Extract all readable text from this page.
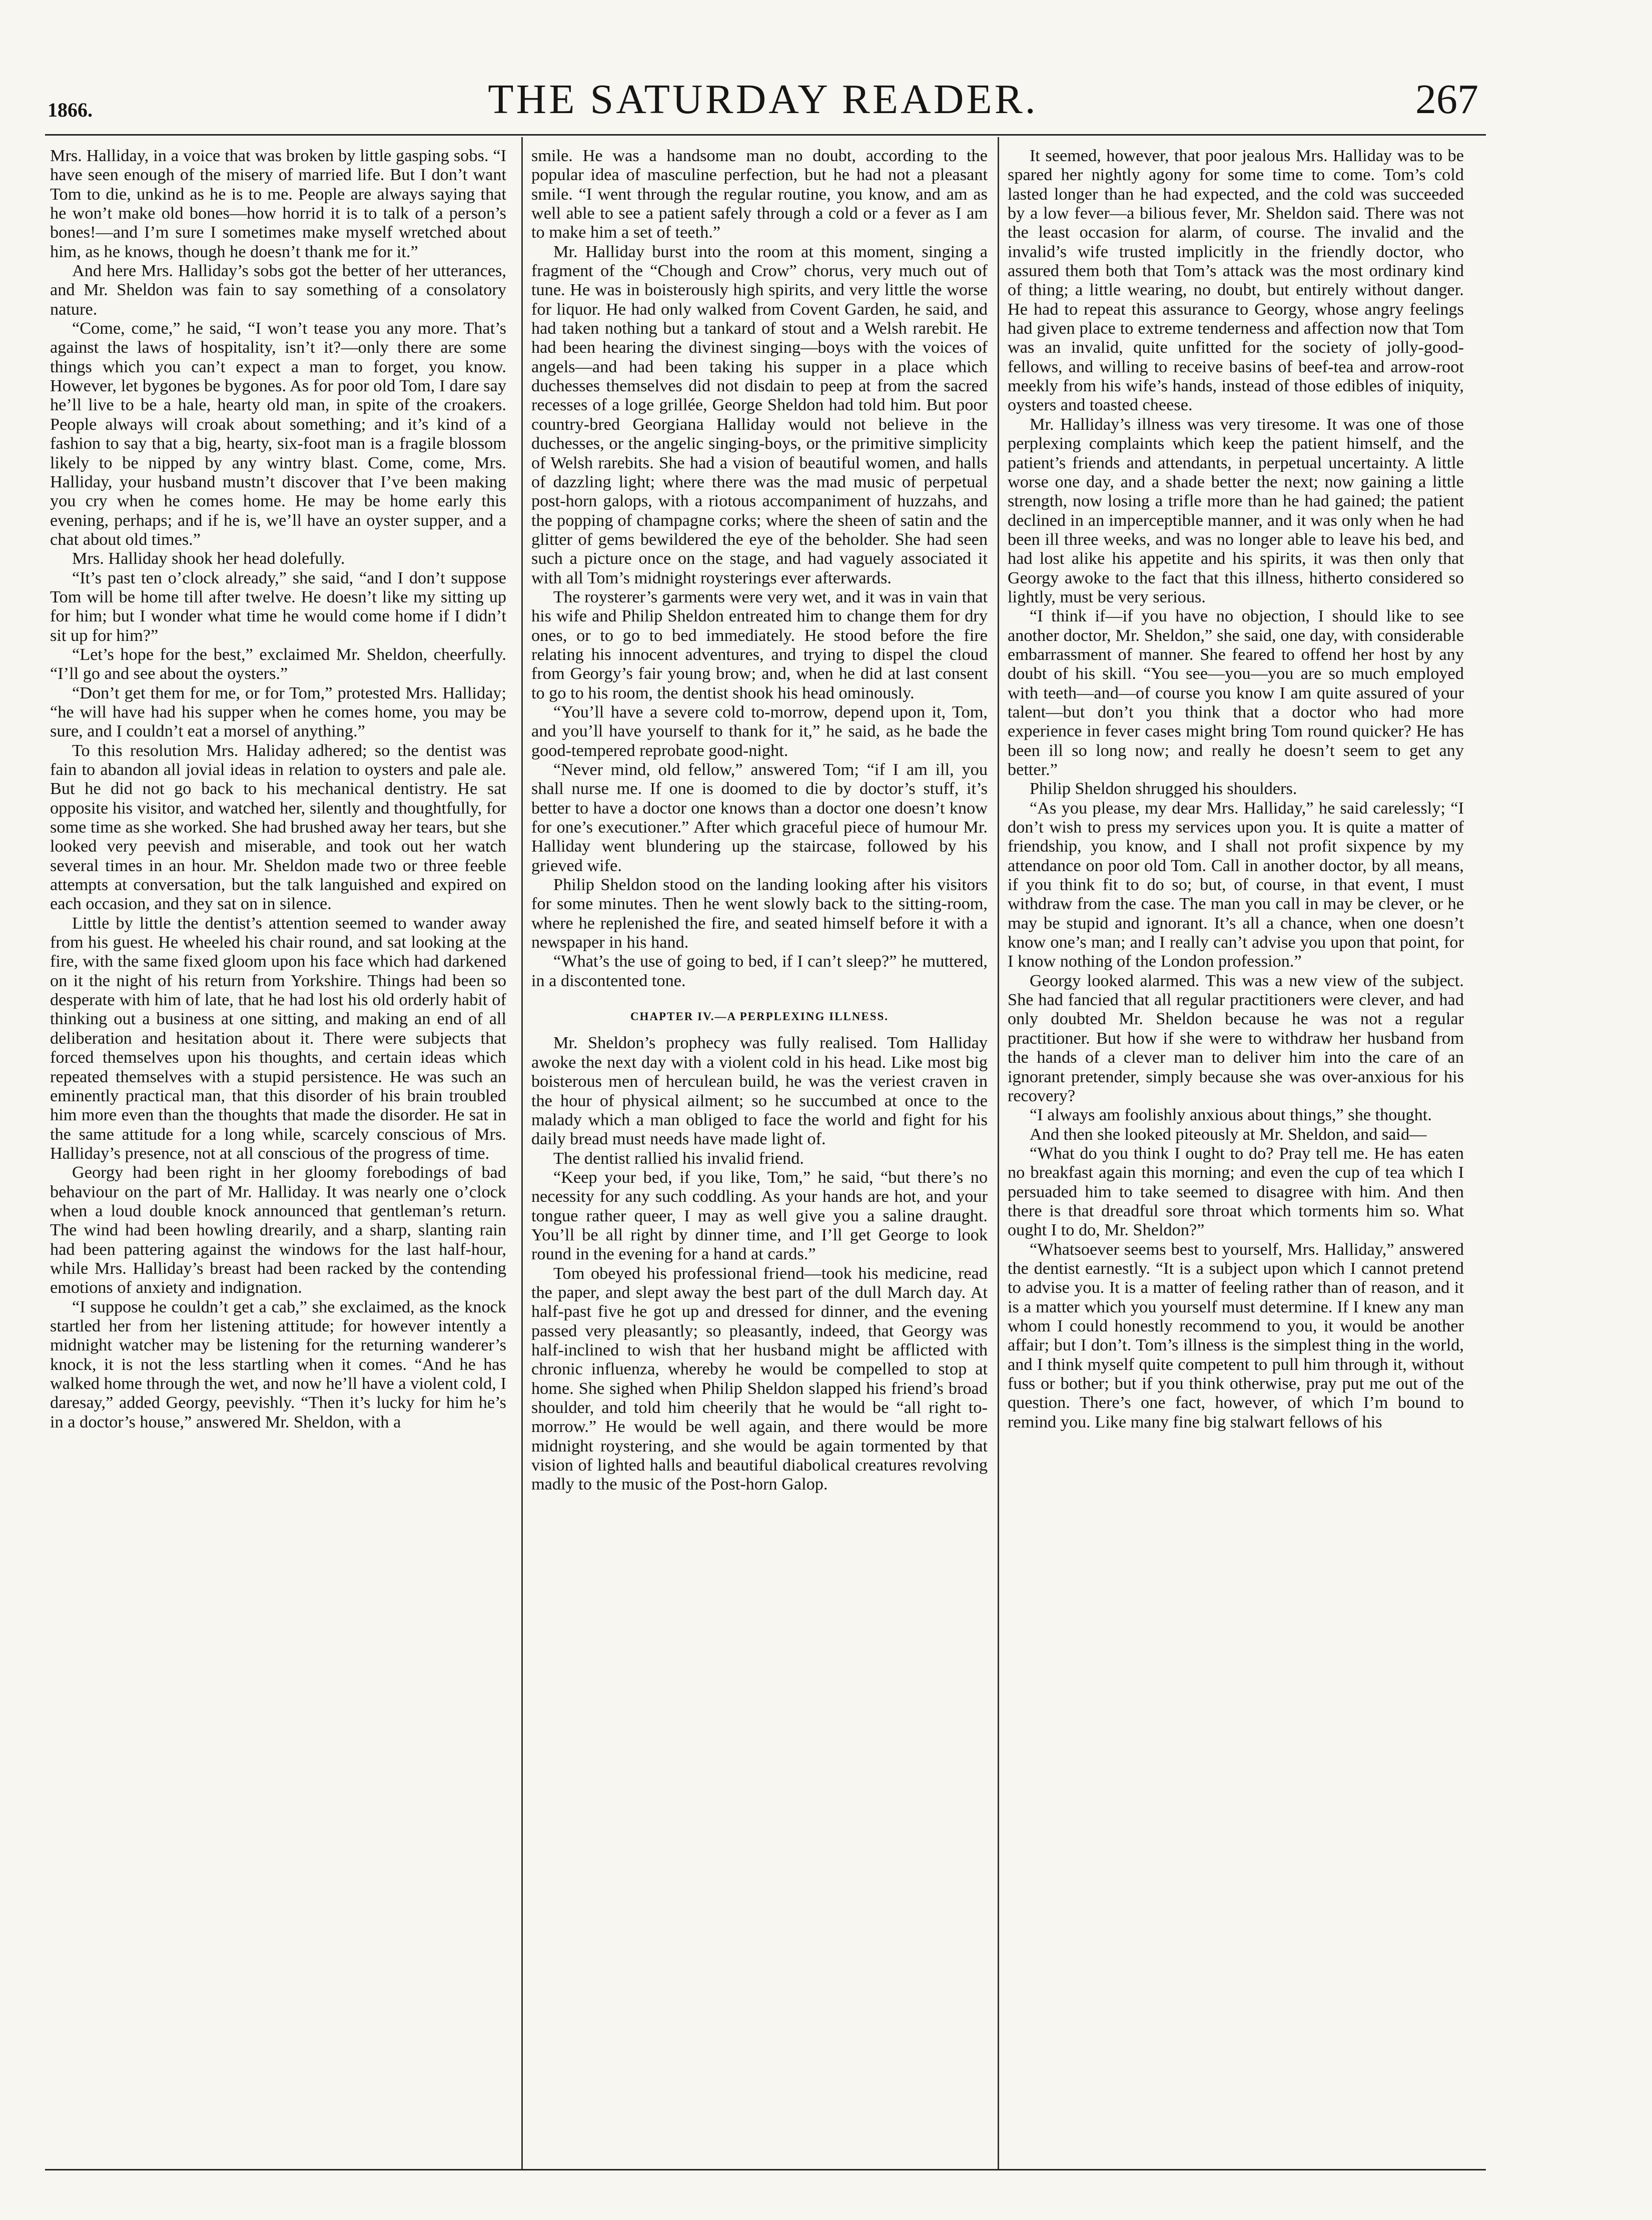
1866.	THE SATURDAY READER.	267

Mrs. Halliday, in a voice that was broken by little gasping sobs. “I have seen enough of the misery of married life. But I don’t want Tom to die, unkind as he is to me. People are always saying that he won’t make old bones—how horrid it is to talk of a person’s bones!—and I’m sure I sometimes make myself wretched about him, as he knows, though he doesn’t thank me for it.”

And here Mrs. Halliday’s sobs got the better of her utterances, and Mr. Sheldon was fain to say something of a consolatory nature.

“Come, come,” he said, “I won’t tease you any more. That’s against the laws of hospitality, isn’t it?—only there are some things which you can’t expect a man to forget, you know. However, let bygones be bygones. As for poor old Tom, I dare say he’ll live to be a hale, hearty old man, in spite of the croakers. People always will croak about something; and it’s kind of a fashion to say that a big, hearty, six-foot man is a fragile blossom likely to be nipped by any wintry blast. Come, come, Mrs. Halliday, your husband mustn’t discover that I’ve been making you cry when he comes home. He may be home early this evening, perhaps; and if he is, we’ll have an oyster supper, and a chat about old times.”

Mrs. Halliday shook her head dolefully.

“It’s past ten o’clock already,” she said, “and I don’t suppose Tom will be home till after twelve. He doesn’t like my sitting up for him; but I wonder what time he would come home if I didn’t sit up for him?”

“Let’s hope for the best,” exclaimed Mr. Sheldon, cheerfully. “I’ll go and see about the oysters.”

“Don’t get them for me, or for Tom,” protested Mrs. Halliday; “he will have had his supper when he comes home, you may be sure, and I couldn’t eat a morsel of anything.”

To this resolution Mrs. Haliday adhered; so the dentist was fain to abandon all jovial ideas in relation to oysters and pale ale. But he did not go back to his mechanical dentistry. He sat opposite his visitor, and watched her, silently and thoughtfully, for some time as she worked. She had brushed away her tears, but she looked very peevish and miserable, and took out her watch several times in an hour. Mr. Sheldon made two or three feeble attempts at conversation, but the talk languished and expired on each occasion, and they sat on in silence.

Little by little the dentist’s attention seemed to wander away from his guest. He wheeled his chair round, and sat looking at the fire, with the same fixed gloom upon his face which had darkened on it the night of his return from Yorkshire. Things had been so desperate with him of late, that he had lost his old orderly habit of thinking out a business at one sitting, and making an end of all deliberation and hesitation about it. There were subjects that forced themselves upon his thoughts, and certain ideas which repeated themselves with a stupid persistence. He was such an eminently practical man, that this disorder of his brain troubled him more even than the thoughts that made the disorder. He sat in the same attitude for a long while, scarcely conscious of Mrs. Halliday’s presence, not at all conscious of the progress of time.

Georgy had been right in her gloomy forebodings of bad behaviour on the part of Mr. Halliday. It was nearly one o’clock when a loud double knock announced that gentleman’s return. The wind had been howling drearily, and a sharp, slanting rain had been pattering against the windows for the last half-hour, while Mrs. Halliday’s breast had been racked by the contending emotions of anxiety and indignation.

“I suppose he couldn’t get a cab,” she exclaimed, as the knock startled her from her listening attitude; for however intently a midnight watcher may be listening for the returning wanderer’s knock, it is not the less startling when it comes. “And he has walked home through the wet, and now he’ll have a violent cold, I daresay,” added Georgy, peevishly. “Then it’s lucky for him he’s in a doctor’s house,” answered Mr. Sheldon, with a

smile. He was a handsome man no doubt, according to the popular idea of masculine perfection, but he had not a pleasant smile. “I went through the regular routine, you know, and am as well able to see a patient safely through a cold or a fever as I am to make him a set of teeth.”

Mr. Halliday burst into the room at this moment, singing a fragment of the “Chough and Crow” chorus, very much out of tune. He was in boisterously high spirits, and very little the worse for liquor. He had only walked from Covent Garden, he said, and had taken nothing but a tankard of stout and a Welsh rarebit. He had been hearing the divinest singing—boys with the voices of angels—and had been taking his supper in a place which duchesses themselves did not disdain to peep at from the sacred recesses of a loge grillée, George Sheldon had told him. But poor country-bred Georgiana Halliday would not believe in the duchesses, or the angelic singing-boys, or the primitive simplicity of Welsh rarebits. She had a vision of beautiful women, and halls of dazzling light; where there was the mad music of perpetual post-horn galops, with a riotous accompaniment of huzzahs, and the popping of champagne corks; where the sheen of satin and the glitter of gems bewildered the eye of the beholder. She had seen such a picture once on the stage, and had vaguely associated it with all Tom’s midnight roysterings ever afterwards.

The roysterer’s garments were very wet, and it was in vain that his wife and Philip Sheldon entreated him to change them for dry ones, or to go to bed immediately. He stood before the fire relating his innocent adventures, and trying to dispel the cloud from Georgy’s fair young brow; and, when he did at last consent to go to his room, the dentist shook his head ominously.

“You’ll have a severe cold to-morrow, depend upon it, Tom, and you’ll have yourself to thank for it,” he said, as he bade the good-tempered reprobate good-night.

“Never mind, old fellow,” answered Tom; “if I am ill, you shall nurse me. If one is doomed to die by doctor’s stuff, it’s better to have a doctor one knows than a doctor one doesn’t know for one’s executioner.” After which graceful piece of humour Mr. Halliday went blundering up the staircase, followed by his grieved wife.

Philip Sheldon stood on the landing looking after his visitors for some minutes. Then he went slowly back to the sitting-room, where he replenished the fire, and seated himself before it with a newspaper in his hand.

“What’s the use of going to bed, if I can’t sleep?” he muttered, in a discontented tone.

CHAPTER IV.—A PERPLEXING ILLNESS.

Mr. Sheldon’s prophecy was fully realised. Tom Halliday awoke the next day with a violent cold in his head. Like most big boisterous men of herculean build, he was the veriest craven in the hour of physical ailment; so he succumbed at once to the malady which a man obliged to face the world and fight for his daily bread must needs have made light of.

The dentist rallied his invalid friend.

“Keep your bed, if you like, Tom,” he said, “but there’s no necessity for any such coddling. As your hands are hot, and your tongue rather queer, I may as well give you a saline draught. You’ll be all right by dinner time, and I’ll get George to look round in the evening for a hand at cards.”

Tom obeyed his professional friend—took his medicine, read the paper, and slept away the best part of the dull March day. At half-past five he got up and dressed for dinner, and the evening passed very pleasantly; so pleasantly, indeed, that Georgy was half-inclined to wish that her husband might be afflicted with chronic influenza, whereby he would be compelled to stop at home. She sighed when Philip Sheldon slapped his friend’s broad shoulder, and told him cheerily that he would be “all right to-morrow.” He would be well again, and there would be more midnight roystering, and she would be again tormented by that vision of lighted halls and beautiful diabolical creatures revolving madly to the music of the Post-horn Galop.

It seemed, however, that poor jealous Mrs. Halliday was to be spared her nightly agony for some time to come. Tom’s cold lasted longer than he had expected, and the cold was succeeded by a low fever—a bilious fever, Mr. Sheldon said. There was not the least occasion for alarm, of course. The invalid and the invalid’s wife trusted implicitly in the friendly doctor, who assured them both that Tom’s attack was the most ordinary kind of thing; a little wearing, no doubt, but entirely without danger. He had to repeat this assurance to Georgy, whose angry feelings had given place to extreme tenderness and affection now that Tom was an invalid, quite unfitted for the society of jolly-good-fellows, and willing to receive basins of beef-tea and arrow-root meekly from his wife’s hands, instead of those edibles of iniquity, oysters and toasted cheese.

Mr. Halliday’s illness was very tiresome. It was one of those perplexing complaints which keep the patient himself, and the patient’s friends and attendants, in perpetual uncertainty. A little worse one day, and a shade better the next; now gaining a little strength, now losing a trifle more than he had gained; the patient declined in an imperceptible manner, and it was only when he had been ill three weeks, and was no longer able to leave his bed, and had lost alike his appetite and his spirits, it was then only that Georgy awoke to the fact that this illness, hitherto considered so lightly, must be very serious.

“I think if—if you have no objection, I should like to see another doctor, Mr. Sheldon,” she said, one day, with considerable embarrassment of manner. She feared to offend her host by any doubt of his skill. “You see—you—you are so much employed with teeth—and—of course you know I am quite assured of your talent—but don’t you think that a doctor who had more experience in fever cases might bring Tom round quicker? He has been ill so long now; and really he doesn’t seem to get any better.”

Philip Sheldon shrugged his shoulders.

“As you please, my dear Mrs. Halliday,” he said carelessly; “I don’t wish to press my services upon you. It is quite a matter of friendship, you know, and I shall not profit sixpence by my attendance on poor old Tom. Call in another doctor, by all means, if you think fit to do so; but, of course, in that event, I must withdraw from the case. The man you call in may be clever, or he may be stupid and ignorant. It’s all a chance, when one doesn’t know one’s man; and I really can’t advise you upon that point, for I know nothing of the London profession.”

Georgy looked alarmed. This was a new view of the subject. She had fancied that all regular practitioners were clever, and had only doubted Mr. Sheldon because he was not a regular practitioner. But how if she were to withdraw her husband from the hands of a clever man to deliver him into the care of an ignorant pretender, simply because she was over-anxious for his recovery?

“I always am foolishly anxious about things,” she thought.

And then she looked piteously at Mr. Sheldon, and said—

“What do you think I ought to do? Pray tell me. He has eaten no breakfast again this morning; and even the cup of tea which I persuaded him to take seemed to disagree with him. And then there is that dreadful sore throat which torments him so. What ought I to do, Mr. Sheldon?”

“Whatsoever seems best to yourself, Mrs. Halliday,” answered the dentist earnestly. “It is a subject upon which I cannot pretend to advise you. It is a matter of feeling rather than of reason, and it is a matter which you yourself must determine. If I knew any man whom I could honestly recommend to you, it would be another affair; but I don’t. Tom’s illness is the simplest thing in the world, and I think myself quite competent to pull him through it, without fuss or bother; but if you think otherwise, pray put me out of the question. There’s one fact, however, of which I’m bound to remind you. Like many fine big stalwart fellows of his
